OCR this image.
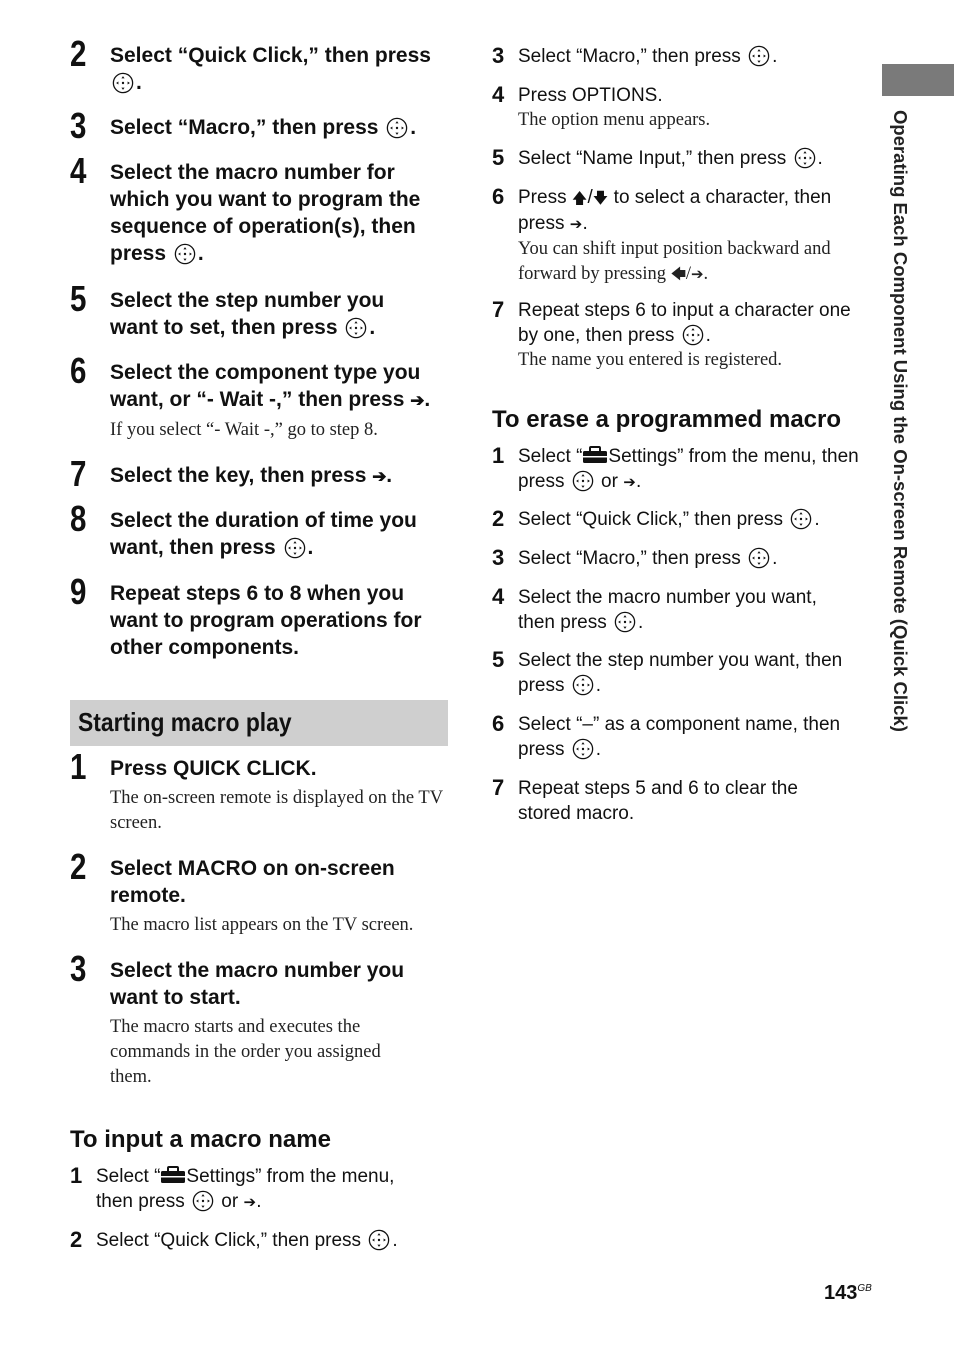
2 Select “Quick Click,” then press
.
3 Select “Macro,” then press .
4 Select the macro number for which you want to program the sequence of operation(s), then press .
5 Select the step number you want to set, then press .
6 Select the component type you want, or “- Wait -,” then press ➔.
If you select “- Wait -,” go to step 8.
7 Select the key, then press ➔.
8 Select the duration of time you want, then press .
9 Repeat steps 6 to 8 when you want to program operations for other components.
Starting macro play
1 Press QUICK CLICK.
The on-screen remote is displayed on the TV screen.
2 Select MACRO on on-screen remote.
The macro list appears on the TV screen.
3 Select the macro number you want to start.
The macro starts and executes the commands in the order you assigned them.
To input a macro name
1 Select “ Settings” from the menu, then press or ➔.
2 Select “Quick Click,” then press .
3 Select “Macro,” then press .
4 Press OPTIONS.
The option menu appears.
5 Select “Name Input,” then press .
6 Press 🡅/🡇 to select a character, then press ➔.
You can shift input position backward and forward by pressing 🡄/➔.
7 Repeat steps 6 to input a character one by one, then press .
The name you entered is registered.
To erase a programmed macro
1 Select “ Settings” from the menu, then press or ➔.
2 Select “Quick Click,” then press .
3 Select “Macro,” then press .
4 Select the macro number you want, then press .
5 Select the step number you want, then press .
6 Select “–” as a component name, then press .
7 Repeat steps 5 and 6 to clear the stored macro.
Operating Each Component Using the On-screen Remote (Quick Click)
$143^{GB}$
